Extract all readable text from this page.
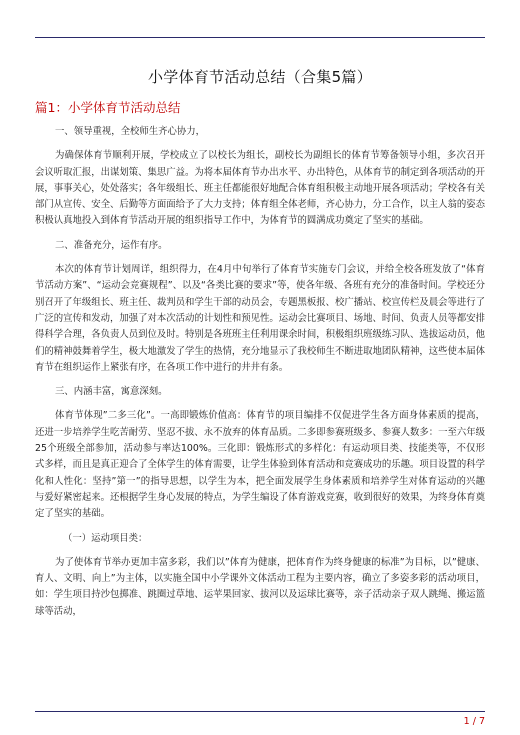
小学体育节活动总结（合集5篇）
篇1：小学体育节活动总结

一、领导重视，全校师生齐心协力，

为确保体育节顺利开展，学校成立了以校长为组长，副校长为副组长的体育节筹备领导小组，多次召开会议听取汇报，出谋划策、集思广益。为将本届体育节办出水平、办出特色，从体育节的制定到各项活动的开展，事事关心，处处落实；各年级组长、班主任都能很好地配合体育组积极主动地开展各项活动；学校各有关部门从宣传、安全、后勤等方面面给予了大力支持；体育组全体老师，齐心协力，分工合作，以主人翁的姿态积极认真地投入到体育节活动开展的组织指导工作中，为体育节的圆满成功奠定了坚实的基础。

二、准备充分，运作有序。

本次的体育节计划周详，组织得力，在4月中旬举行了体育节实施专门会议，并给全校各班发放了“体育节活动方案”、“运动会竞赛规程”、以及“各类比赛的要求”等，使各年级、各班有充分的准备时间。学校还分别召开了年级组长、班主任、裁判员和学生干部的动员会，专题黑板报、校广播站、校宣传栏及晨会等进行了广泛的宣传和发动，加强了对本次活动的计划性和预见性。运动会比赛项目、场地、时间、负责人员等都安排得科学合理，各负责人员到位及时。特别是各班班主任利用课余时间，积极组织班级练习队、选拔运动员，他们的精神鼓舞着学生，极大地激发了学生的热情，充分地显示了我校师生不断进取地团队精神，这些使本届体育节在组织运作上紧张有序，在各项工作中进行的井井有条。

三、内涵丰富，寓意深刻。

体育节体现”二多三化”。一高即锻炼价值高：体育节的项目编排不仅促进学生各方面身体素质的提高，还进一步培养学生吃苦耐劳、坚忍不拔、永不放弃的体育品质。二多即参赛班级多、参赛人数多：一至六年级25个班级全部参加，活动参与率达100%。三化即：锻炼形式的多样化：有运动项目类、技能类等，不仅形式多样，而且是真正迎合了全体学生的体育需要，让学生体验到体育活动和竞赛成功的乐趣。项目设置的科学化和人性化：坚持”第一”的指导思想，以学生为本，把全面发展学生身体素质和培养学生对体育运动的兴趣与爱好紧密起来。还根据学生身心发展的特点，为学生编设了体育游戏竞赛，收到很好的效果，为终身体育奠定了坚实的基础。

（一）运动项目类：

为了使体育节举办更加丰富多彩，我们以”体育为健康，把体育作为终身健康的标准”为目标，以”健康、育人、文明、向上”为主体，以实施全国中小学课外文体活动工程为主要内容，确立了多姿多彩的活动项目，如：学生项目持沙包掷准、跳圈过草地、运苹果回家、拔河以及运球比赛等，亲子活动亲子双人跳绳、搬运篮球等活动，

1 / 7
